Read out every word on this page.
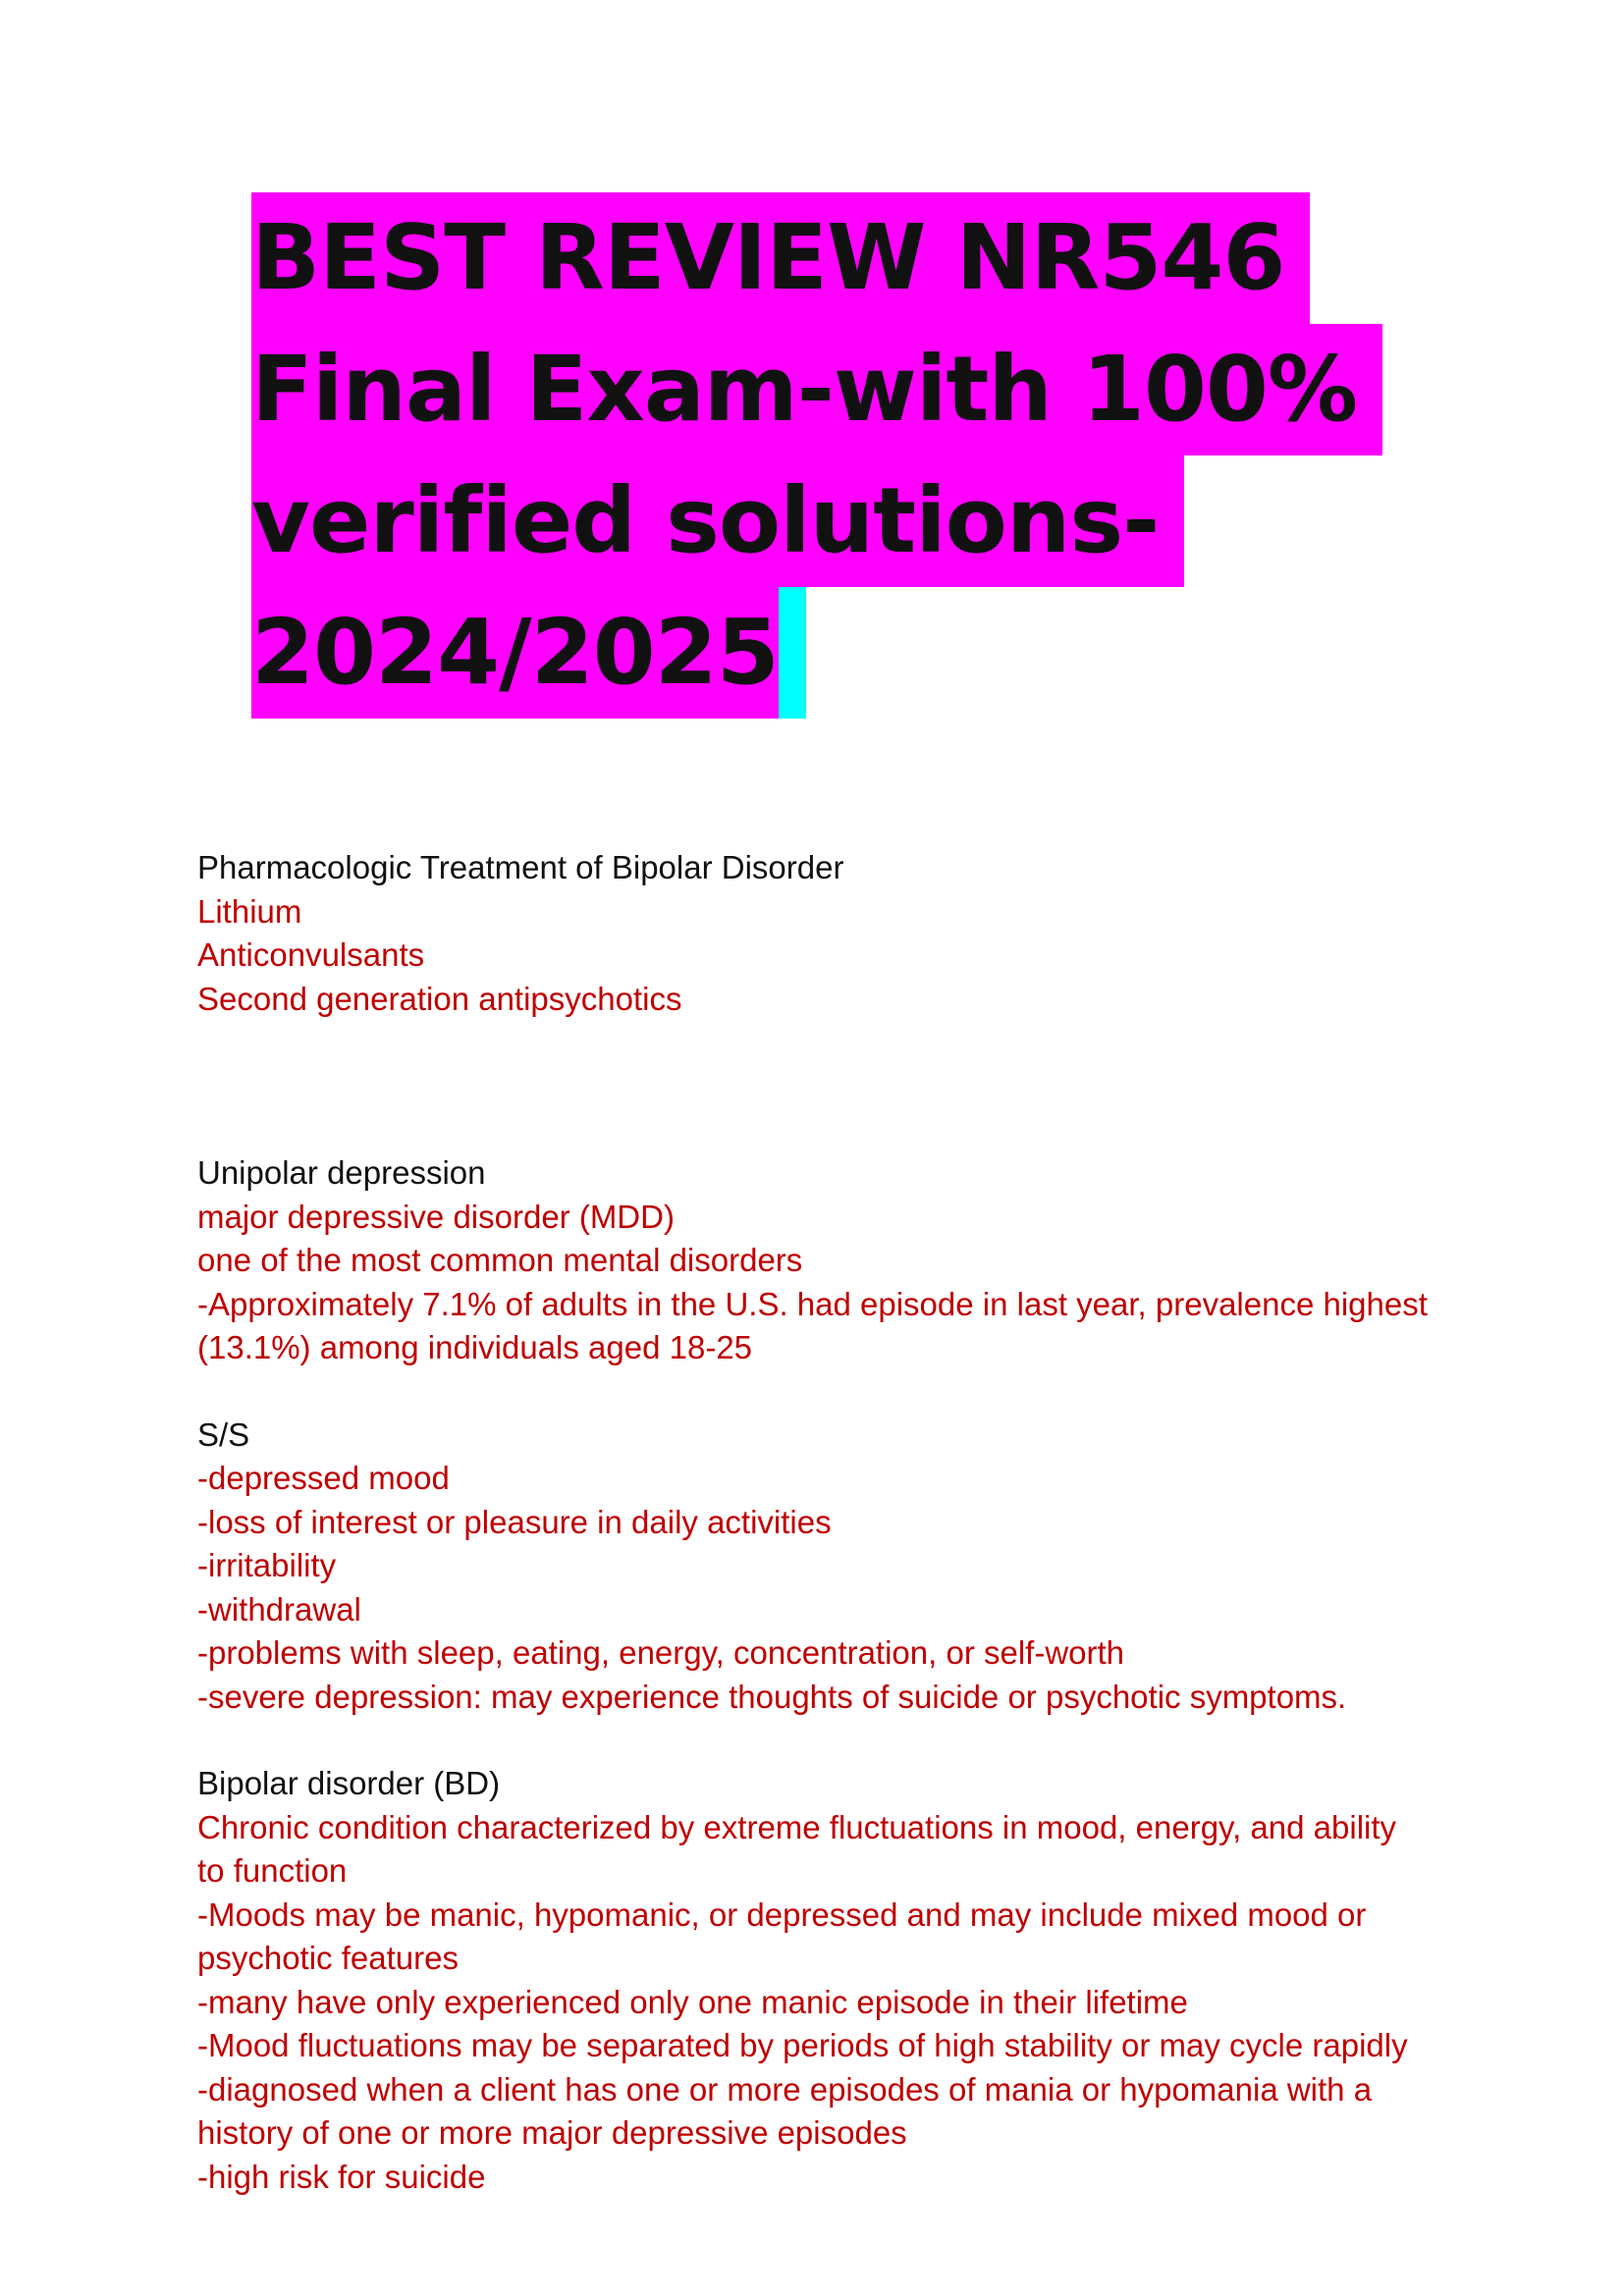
BEST REVIEW NR546
Final Exam-with 100%
verified solutions-
2024/2025
Pharmacologic Treatment of Bipolar Disorder
Lithium
Anticonvulsants
Second generation antipsychotics
Unipolar depression
major depressive disorder (MDD)
one of the most common mental disorders
-Approximately 7.1% of adults in the U.S. had episode in last year, prevalence highest
(13.1%) among individuals aged 18-25
S/S
-depressed mood
-loss of interest or pleasure in daily activities
-irritability
-withdrawal
-problems with sleep, eating, energy, concentration, or self-worth
-severe depression: may experience thoughts of suicide or psychotic symptoms.
Bipolar disorder (BD)
Chronic condition characterized by extreme fluctuations in mood, energy, and ability
to function
-Moods may be manic, hypomanic, or depressed and may include mixed mood or
psychotic features
-many have only experienced only one manic episode in their lifetime
-Mood fluctuations may be separated by periods of high stability or may cycle rapidly
-diagnosed when a client has one or more episodes of mania or hypomania with a
history of one or more major depressive episodes
-high risk for suicide
